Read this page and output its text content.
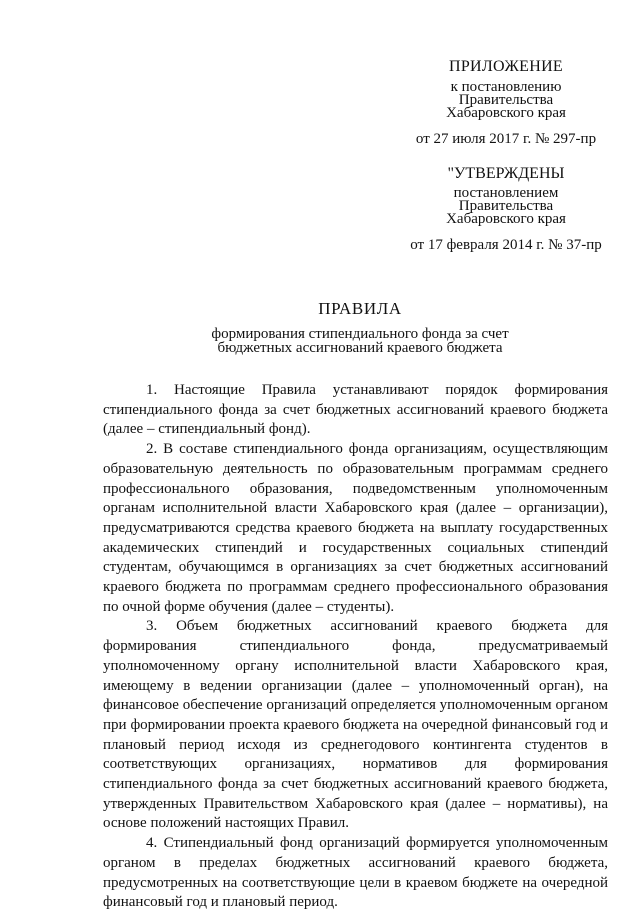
ПРИЛОЖЕНИЕ
к постановлению
Правительства
Хабаровского края
от 27 июля 2017 г. № 297-пр
"УТВЕРЖДЕНЫ
постановлением
Правительства
Хабаровского края
от 17 февраля 2014 г. № 37-пр
ПРАВИЛА
формирования стипендиального фонда за счет
бюджетных ассигнований краевого бюджета

1. Настоящие Правила устанавливают порядок формирования стипендиального фонда за счет бюджетных ассигнований краевого бюджета (далее – стипендиальный фонд).

2. В составе стипендиального фонда организациям, осуществляющим образовательную деятельность по образовательным программам среднего профессионального образования, подведомственным уполномоченным органам исполнительной власти Хабаровского края (далее – организации), предусматриваются средства краевого бюджета на выплату государственных академических стипендий и государственных социальных стипендий студентам, обучающимся в организациях за счет бюджетных ассигнований краевого бюджета по программам среднего профессионального образования по очной форме обучения (далее – студенты).

3. Объем бюджетных ассигнований краевого бюджета для формирования стипендиального фонда, предусматриваемый уполномоченному органу исполнительной власти Хабаровского края, имеющему в ведении организации (далее – уполномоченный орган), на финансовое обеспечение организаций определяется уполномоченным органом при формировании проекта краевого бюджета на очередной финансовый год и плановый период исходя из среднегодового контингента студентов в соответствующих организациях, нормативов для формирования стипендиального фонда за счет бюджетных ассигнований краевого бюджета, утвержденных Правительством Хабаровского края (далее – нормативы), на основе положений настоящих Правил.

4. Стипендиальный фонд организаций формируется уполномоченным органом в пределах бюджетных ассигнований краевого бюджета, предусмотренных на соответствующие цели в краевом бюджете на очередной финансовый год и плановый период.
